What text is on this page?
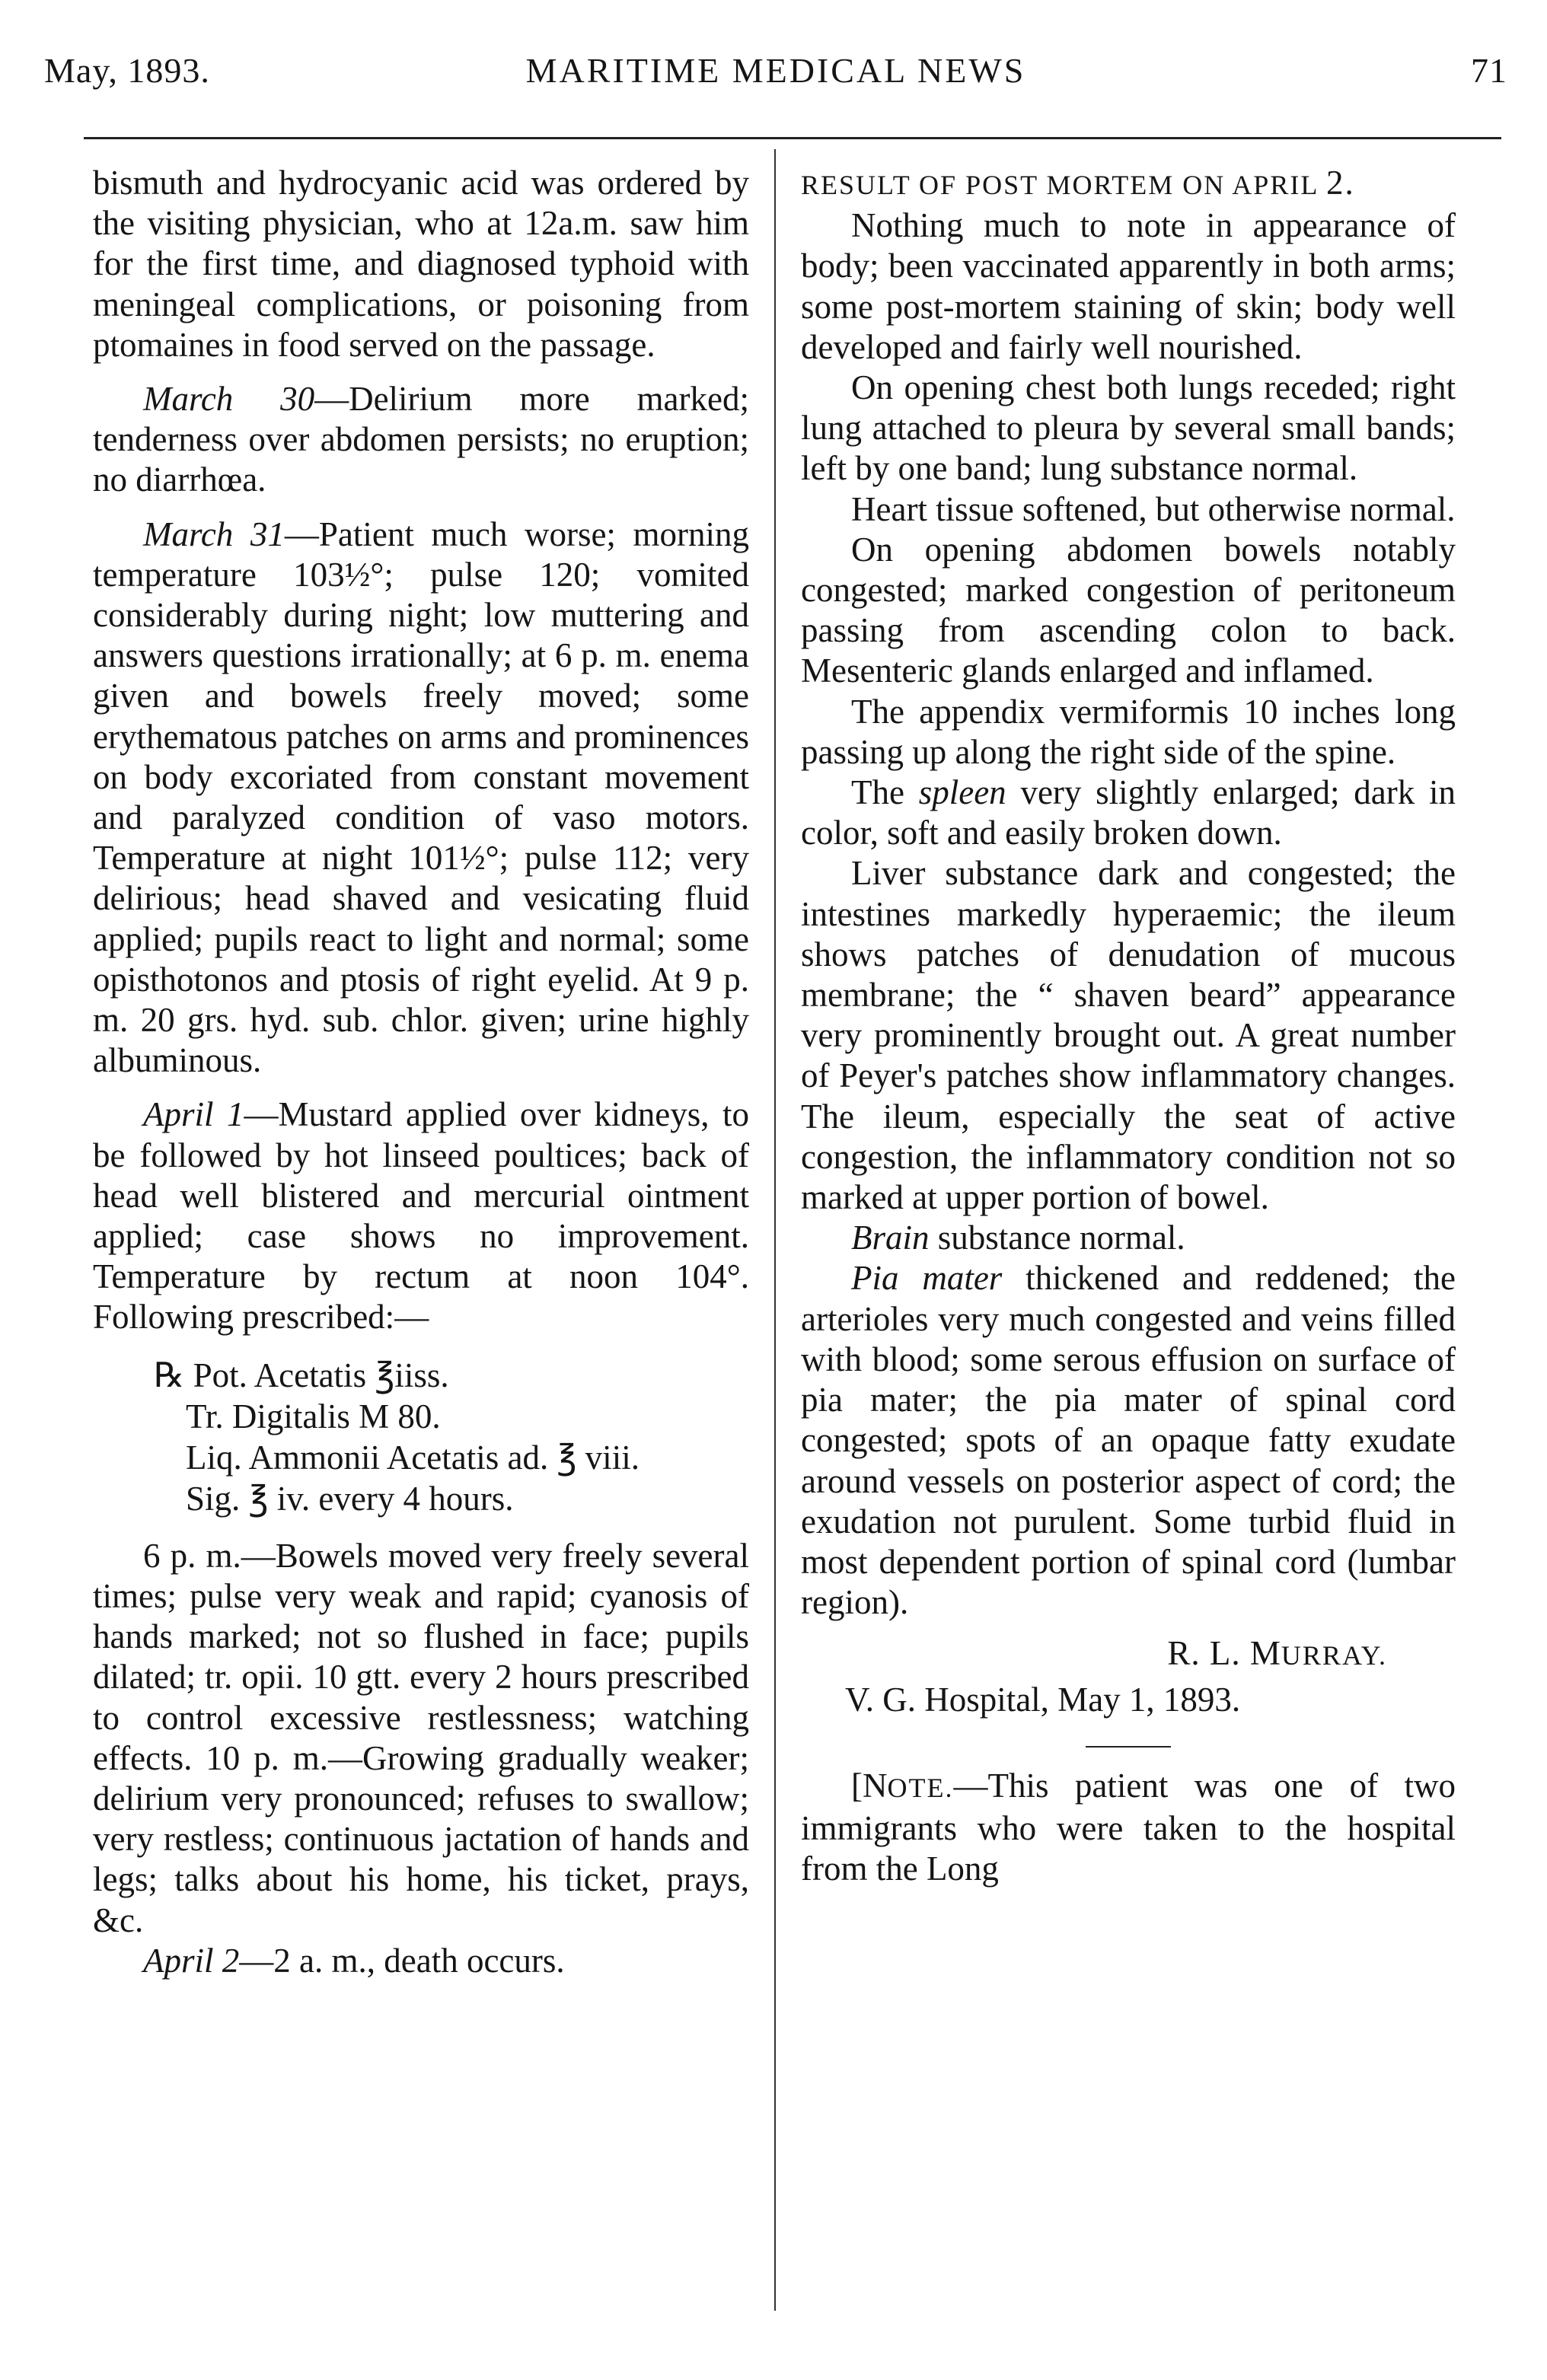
May, 1893.	MARITIME MEDICAL NEWS	71

bismuth and hydrocyanic acid was ordered by the visiting physician, who at 12a.m. saw him for the first time, and diagnosed typhoid with meningeal complications, or poisoning from ptomaines in food served on the passage.

March 30—Delirium more marked; tenderness over abdomen persists; no eruption; no diarrhœa.

March 31—Patient much worse; morning temperature 103½°; pulse 120; vomited considerably during night; low muttering and answers questions irrationally; at 6 p. m. enema given and bowels freely moved; some erythematous patches on arms and prominences on body excoriated from constant movement and paralyzed condition of vaso motors. Temperature at night 101½°; pulse 112; very delirious; head shaved and vesicating fluid applied; pupils react to light and normal; some opisthotonos and ptosis of right eyelid. At 9 p. m. 20 grs. hyd. sub. chlor. given; urine highly albuminous.

April 1—Mustard applied over kidneys, to be followed by hot linseed poultices; back of head well blistered and mercurial ointment applied; case shows no improvement. Temperature by rectum at noon 104°. Following prescribed:—

℞ Pot. Acetatis ℥iiss.
Tr. Digitalis M 80.
Liq. Ammonii Acetatis ad. ℥ viii.
Sig. ℥ iv. every 4 hours.

6 p. m.—Bowels moved very freely several times; pulse very weak and rapid; cyanosis of hands marked; not so flushed in face; pupils dilated; tr. opii. 10 gtt. every 2 hours prescribed to control excessive restlessness; watching effects. 10 p. m.—Growing gradually weaker; delirium very pronounced; refuses to swallow; very restless; continuous jactation of hands and legs; talks about his home, his ticket, prays, &c.

April 2—2 a. m., death occurs.

RESULT OF POST MORTEM ON APRIL 2.

Nothing much to note in appearance of body; been vaccinated apparently in both arms; some post-mortem staining of skin; body well developed and fairly well nourished.

On opening chest both lungs receded; right lung attached to pleura by several small bands; left by one band; lung substance normal.

Heart tissue softened, but otherwise normal.

On opening abdomen bowels notably congested; marked congestion of peritoneum passing from ascending colon to back. Mesenteric glands enlarged and inflamed.

The appendix vermiformis 10 inches long passing up along the right side of the spine.

The spleen very slightly enlarged; dark in color, soft and easily broken down.

Liver substance dark and congested; the intestines markedly hyperaemic; the ileum shows patches of denudation of mucous membrane; the “ shaven beard” appearance very prominently brought out. A great number of Peyer's patches show inflammatory changes. The ileum, especially the seat of active congestion, the inflammatory condition not so marked at upper portion of bowel.

Brain substance normal.

Pia mater thickened and reddened; the arterioles very much congested and veins filled with blood; some serous effusion on surface of pia mater; the pia mater of spinal cord congested; spots of an opaque fatty exudate around vessels on posterior aspect of cord; the exudation not purulent. Some turbid fluid in most dependent portion of spinal cord (lumbar region).

R. L. MURRAY.

V. G. Hospital, May 1, 1893.

[NOTE.—This patient was one of two immigrants who were taken to the hospital from the Long
